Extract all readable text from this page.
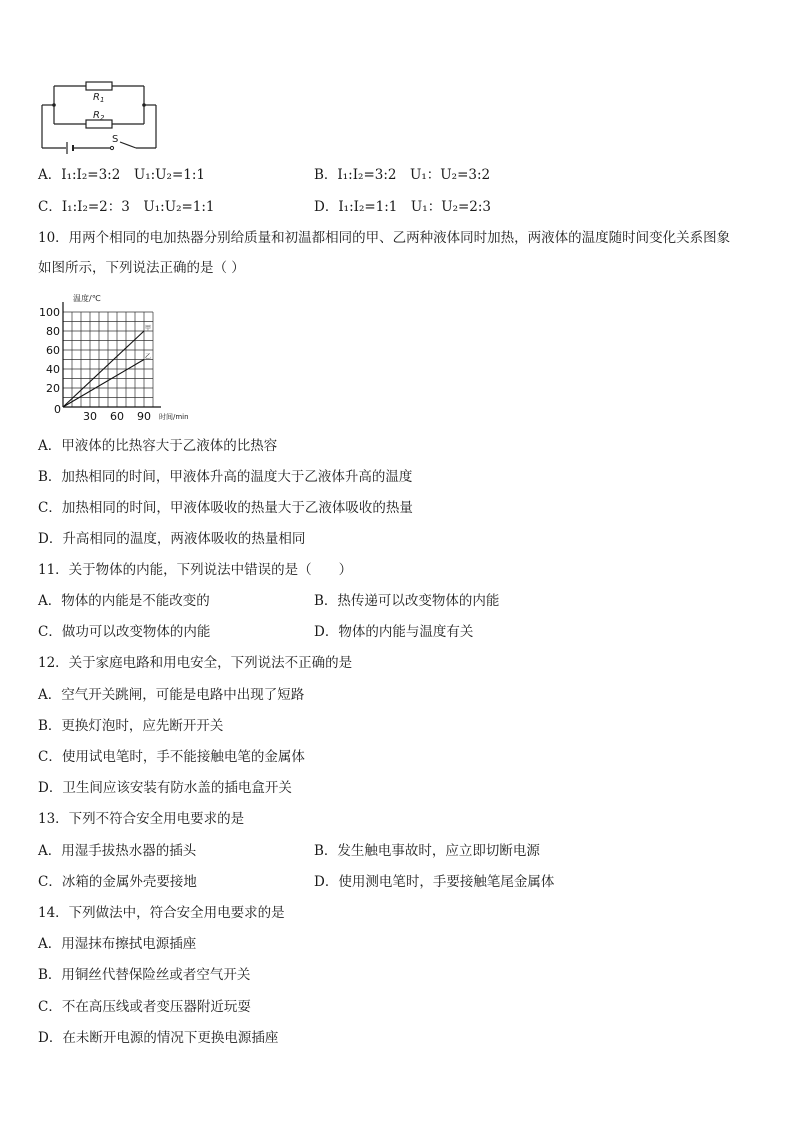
$R_1$
$R_2$
S
A．I₁:I₂=3:2　U₁:U₂=1:1	B．I₁:I₂=3:2　U₁：U₂=3:2
C．I₁:I₂=2：3　U₁:U₂=1:1	D．I₁:I₂=1:1　U₁：U₂=2:3
10．用两个相同的电加热器分别给质量和初温都相同的甲、乙两种液体同时加热，两液体的温度随时间变化关系图象
如图所示，下列说法正确的是（ ）
甲
乙
100
80
60
40
20
30 60 90
0
温度/℃
时间/min
A．甲液体的比热容大于乙液体的比热容
B．加热相同的时间，甲液体升高的温度大于乙液体升高的温度
C．加热相同的时间，甲液体吸收的热量大于乙液体吸收的热量
D．升高相同的温度，两液体吸收的热量相同
11．关于物体的内能，下列说法中错误的是（　　）
A．物体的内能是不能改变的	B．热传递可以改变物体的内能
C．做功可以改变物体的内能	D．物体的内能与温度有关
12．关于家庭电路和用电安全，下列说法不正确的是
A．空气开关跳闸，可能是电路中出现了短路
B．更换灯泡时，应先断开开关
C．使用试电笔时，手不能接触电笔的金属体
D．卫生间应该安装有防水盖的插电盒开关
13．下列不符合安全用电要求的是
A．用湿手拔热水器的插头	B．发生触电事故时，应立即切断电源
C．冰箱的金属外壳要接地	D．使用测电笔时，手要接触笔尾金属体
14．下列做法中，符合安全用电要求的是
A．用湿抹布擦拭电源插座
B．用铜丝代替保险丝或者空气开关
C．不在高压线或者变压器附近玩耍
D．在未断开电源的情况下更换电源插座
